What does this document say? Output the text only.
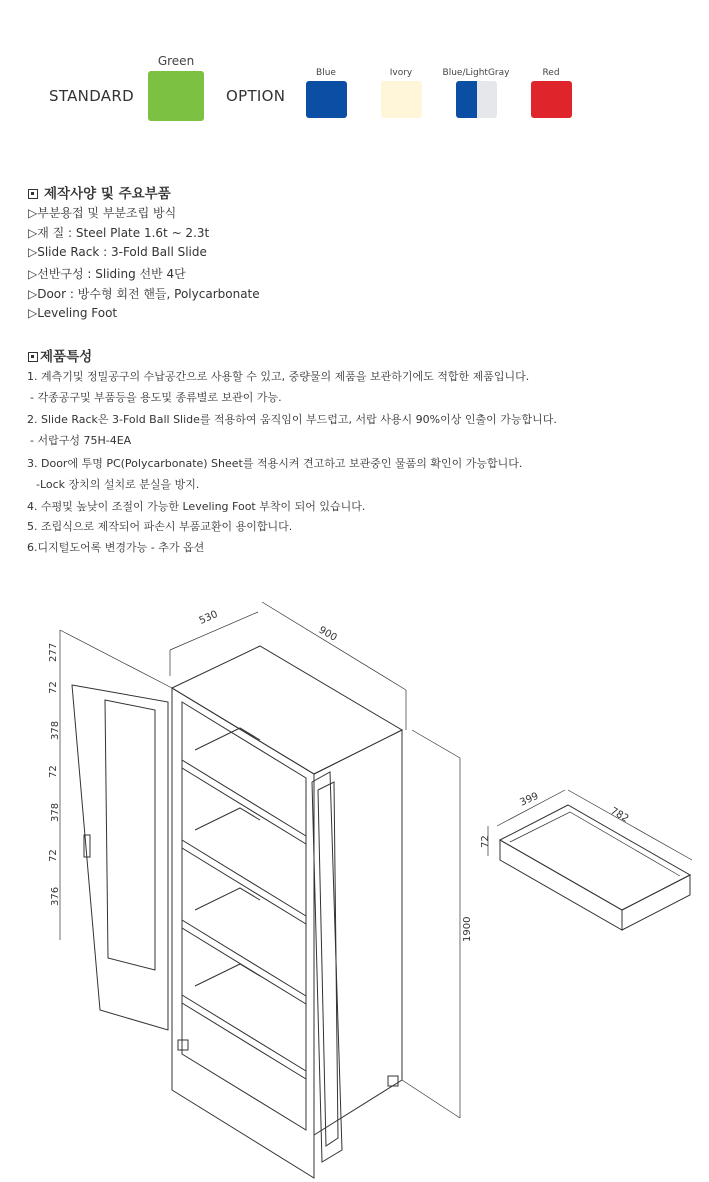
STANDARD
Green
OPTION
Blue	Ivory	Blue/LightGray	Red
제작사양 및 주요부품
▷부분용접 및 부분조립 방식
▷재 질 : Steel Plate 1.6t ~ 2.3t
▷Slide Rack : 3-Fold Ball Slide
▷선반구성 : Sliding 선반 4단
▷Door : 방수형 회전 핸들, Polycarbonate
▷Leveling Foot
제품특성
1. 계측기및 정밀공구의 수납공간으로 사용할 수 있고, 중량물의 제품을 보관하기에도 적합한 제품입니다.
- 각종공구및 부품등을 용도및 종류별로 보관이 가능.
2. Slide Rack은 3-Fold Ball Slide를 적용하여 움직임이 부드럽고, 서랍 사용시 90%이상 인출이 가능합니다.
- 서랍구성 75H-4EA
3. Door에 투명 PC(Polycarbonate) Sheet를 적용시켜 견고하고 보관중인 물품의 확인이 가능합니다.
-Lock 장치의 설치로 분실을 방지.
4. 수평및 높낮이 조절이 가능한 Leveling Foot 부착이 되어 있습니다.
5. 조립식으로 제작되어 파손시 부품교환이 용이합니다.
6.디지털도어록 변경가능 - 추가 옵션
530
900
1900
277
72
378
72
378
72
376
399
782
72
